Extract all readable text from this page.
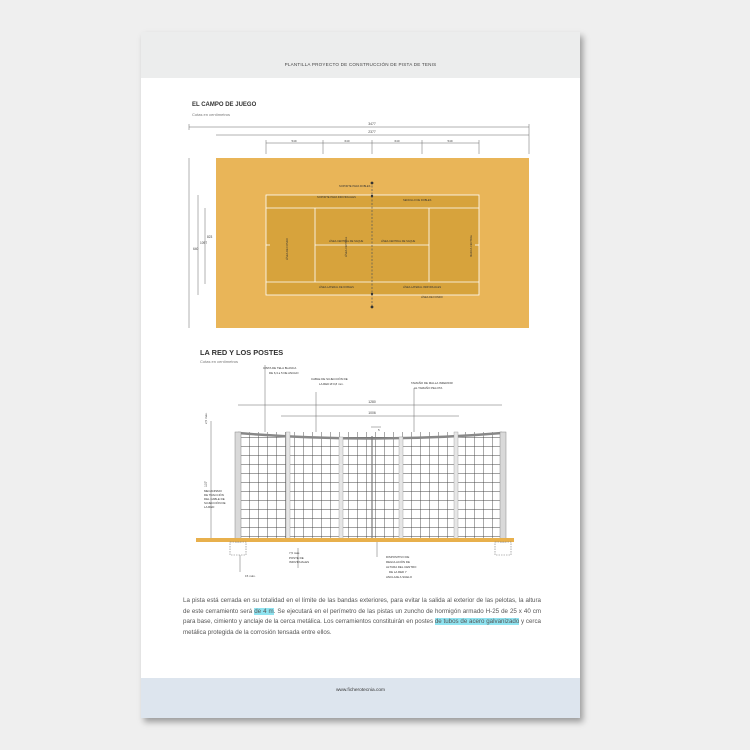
PLANTILLA PROYECTO DE CONSTRUCCIÓN DE PISTA DE TENIS
EL CAMPO DE JUEGO
Cotas en centímetros
3477
2377
549	640	640	549
640
1097
823
SOPORTE PARA DOBLES
SOPORTE PARA INDIVIDUALES
SENCILLO DE DOBLES
LÍNEA CENTRAL DE SAQUE	LÍNEA CENTRAL DE SAQUE
LÍNEA LATERAL DE DOBLES	LÍNEA LATERAL INDIVIDUALES
LÍNEA DE FONDO
LÍNEA DE FONDO	LÍNEA CENTRAL	MARCA CENTRAL
LA RED Y LOS POSTES
Cotas en centímetros
1280
1006
107
2,5 máx.
5
15 máx.
CINTA DE TELA BLANCA DE 6,3 a 5 DE ANCHO
CABLE DE SUJECCIÓN DE LA RED Ø 0,8 mm.	TAMAÑO DE MALLA INFERIOR AL TAMAÑO PELOTA
MECANISMO DE TRACCIÓN DEL CABLE DE SUJECCIÓN DE LA RED
7,5 máx. POSTE DE INDIVIDUALES
DISPOSITIVO DE REGULACIÓN DE ALTURA DEL CENTRO DE LA RED Y ANCLAJE A SUELO
La pista está cerrada en su totalidad en el límite de las bandas exteriores, para evitar la salida al exterior de las pelotas, la altura de este cerramiento será de 4 m. Se ejecutará en el perímetro de las pistas un zuncho de hormigón armado H-25 de 25 x 40 cm para base, cimiento y anclaje de la cerca metálica. Los cerramientos constituirán en postes de tubos de acero galvanizado y cerca metálica protegida de la corrosión tensada entre ellos.
www.ficherotecnia.com
